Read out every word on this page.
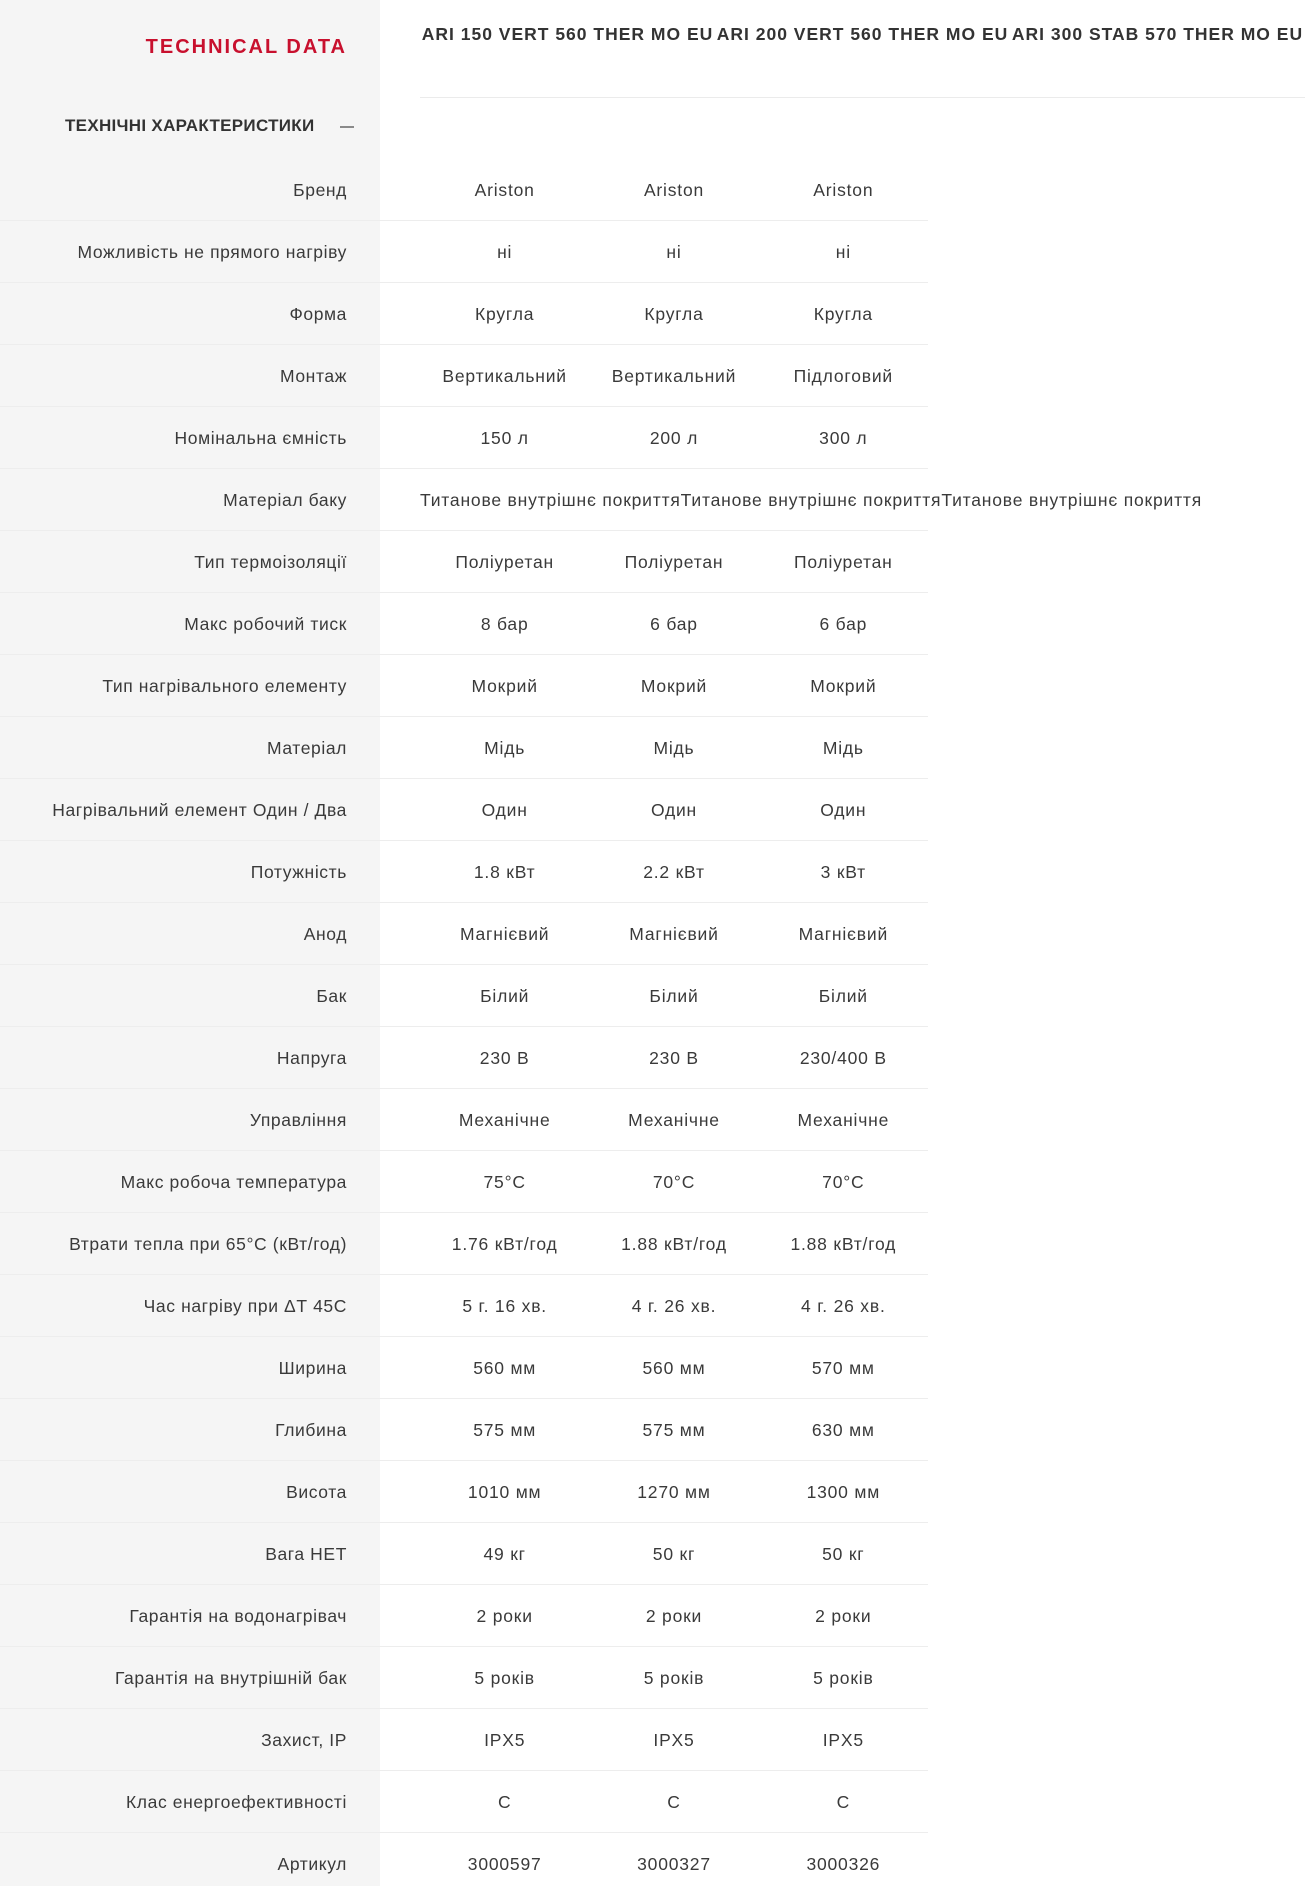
TECHNICAL DATA
ARI 150 VERT 560 THER MO EU ARI 200 VERT 560 THER MO EU ARI 300 STAB 570 THER MO EU
ТЕХНІЧНІ ХАРАКТЕРИСТИКИ
Бренд	Ariston	Ariston	Ariston
Можливість не прямого нагріву	ні	ні	ні
Форма	Кругла	Кругла	Кругла
Монтаж	Вертикальний	Вертикальний	Підлоговий
Номінальна ємність	150 л	200 л	300 л
Матеріал баку	Титанове внутрішнє покриття Титанове внутрішнє покриття Титанове внутрішнє покриття
Тип термоізоляції	Поліуретан	Поліуретан	Поліуретан
Макс робочий тиск	8 бар	6 бар	6 бар
Тип нагрівального елементу	Мокрий	Мокрий	Мокрий
Матеріал	Мідь	Мідь	Мідь
Нагрівальний елемент Один / Два	Один	Один	Один
Потужність	1.8 кВт	2.2 кВт	3 кВт
Анод	Магнієвий	Магнієвий	Магнієвий
Бак	Білий	Білий	Білий
Напруга	230 В	230 В	230/400 В
Управління	Механічне	Механічне	Механічне
Макс робоча температура	75°С	70°С	70°С
Втрати тепла при 65°С (кВт/год)	1.76 кВт/год	1.88 кВт/год	1.88 кВт/год
Час нагріву при ΔТ 45С	5 г. 16 хв.	4 г. 26 хв.	4 г. 26 хв.
Ширина	560 мм	560 мм	570 мм
Глибина	575 мм	575 мм	630 мм
Висота	1010 мм	1270 мм	1300 мм
Вага НЕТ	49 кг	50 кг	50 кг
Гарантія на водонагрівач	2 роки	2 роки	2 роки
Гарантія на внутрішній бак	5 років	5 років	5 років
Захист, IP	IPX5	IPX5	IPX5
Клас енергоефективності	C	C	C
Артикул	3000597	3000327	3000326
